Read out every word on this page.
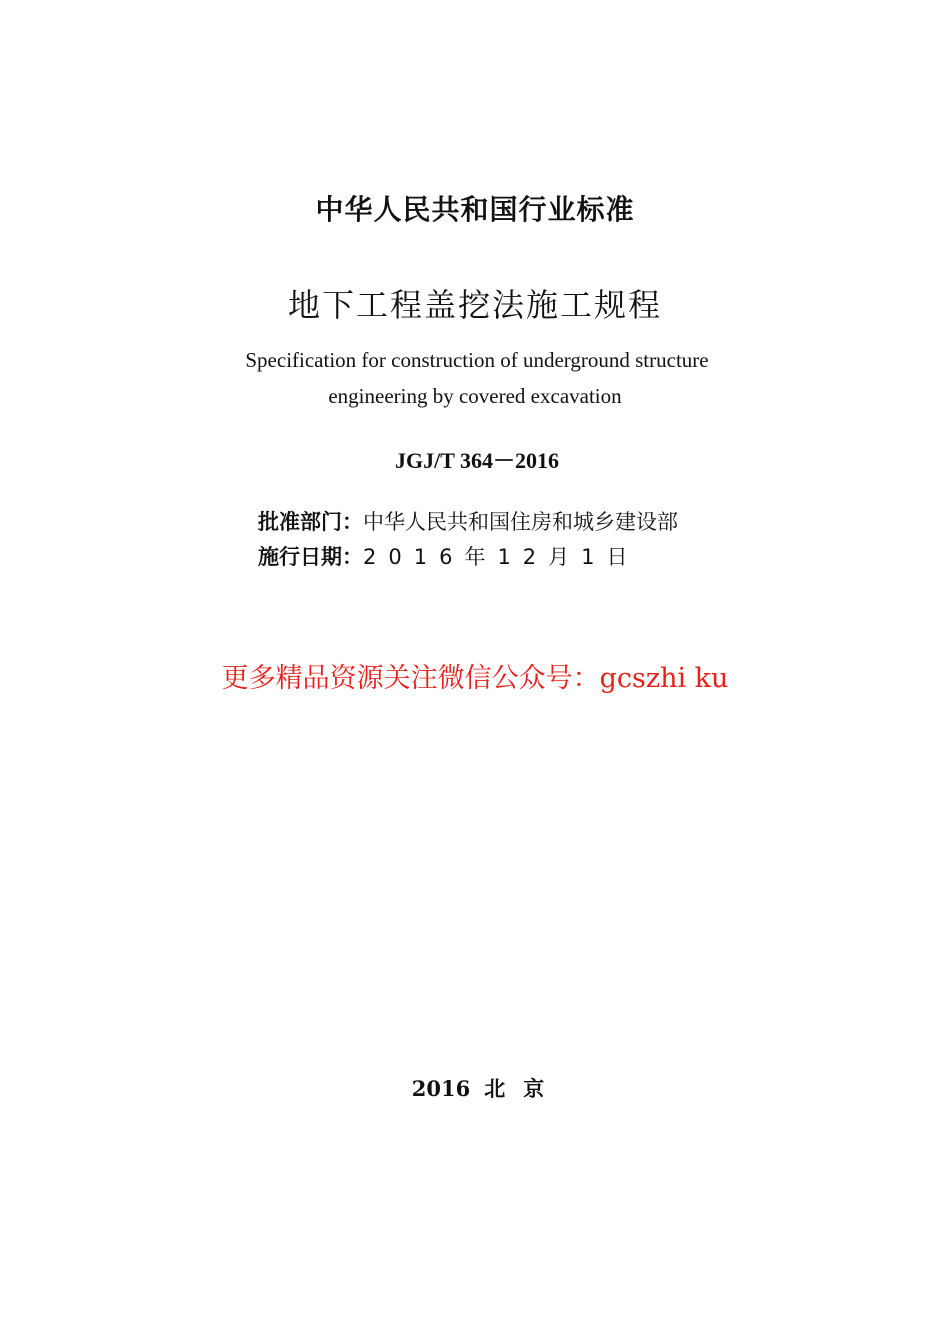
中华人民共和国行业标准
地下工程盖挖法施工规程
Specification for construction of underground structure
engineering by covered excavation
JGJ/T 364－2016
批准部门：中华人民共和国住房和城乡建设部
施行日期：2016年12月1日
更多精品资源关注微信公众号：gcszhi ku
2016 北京
